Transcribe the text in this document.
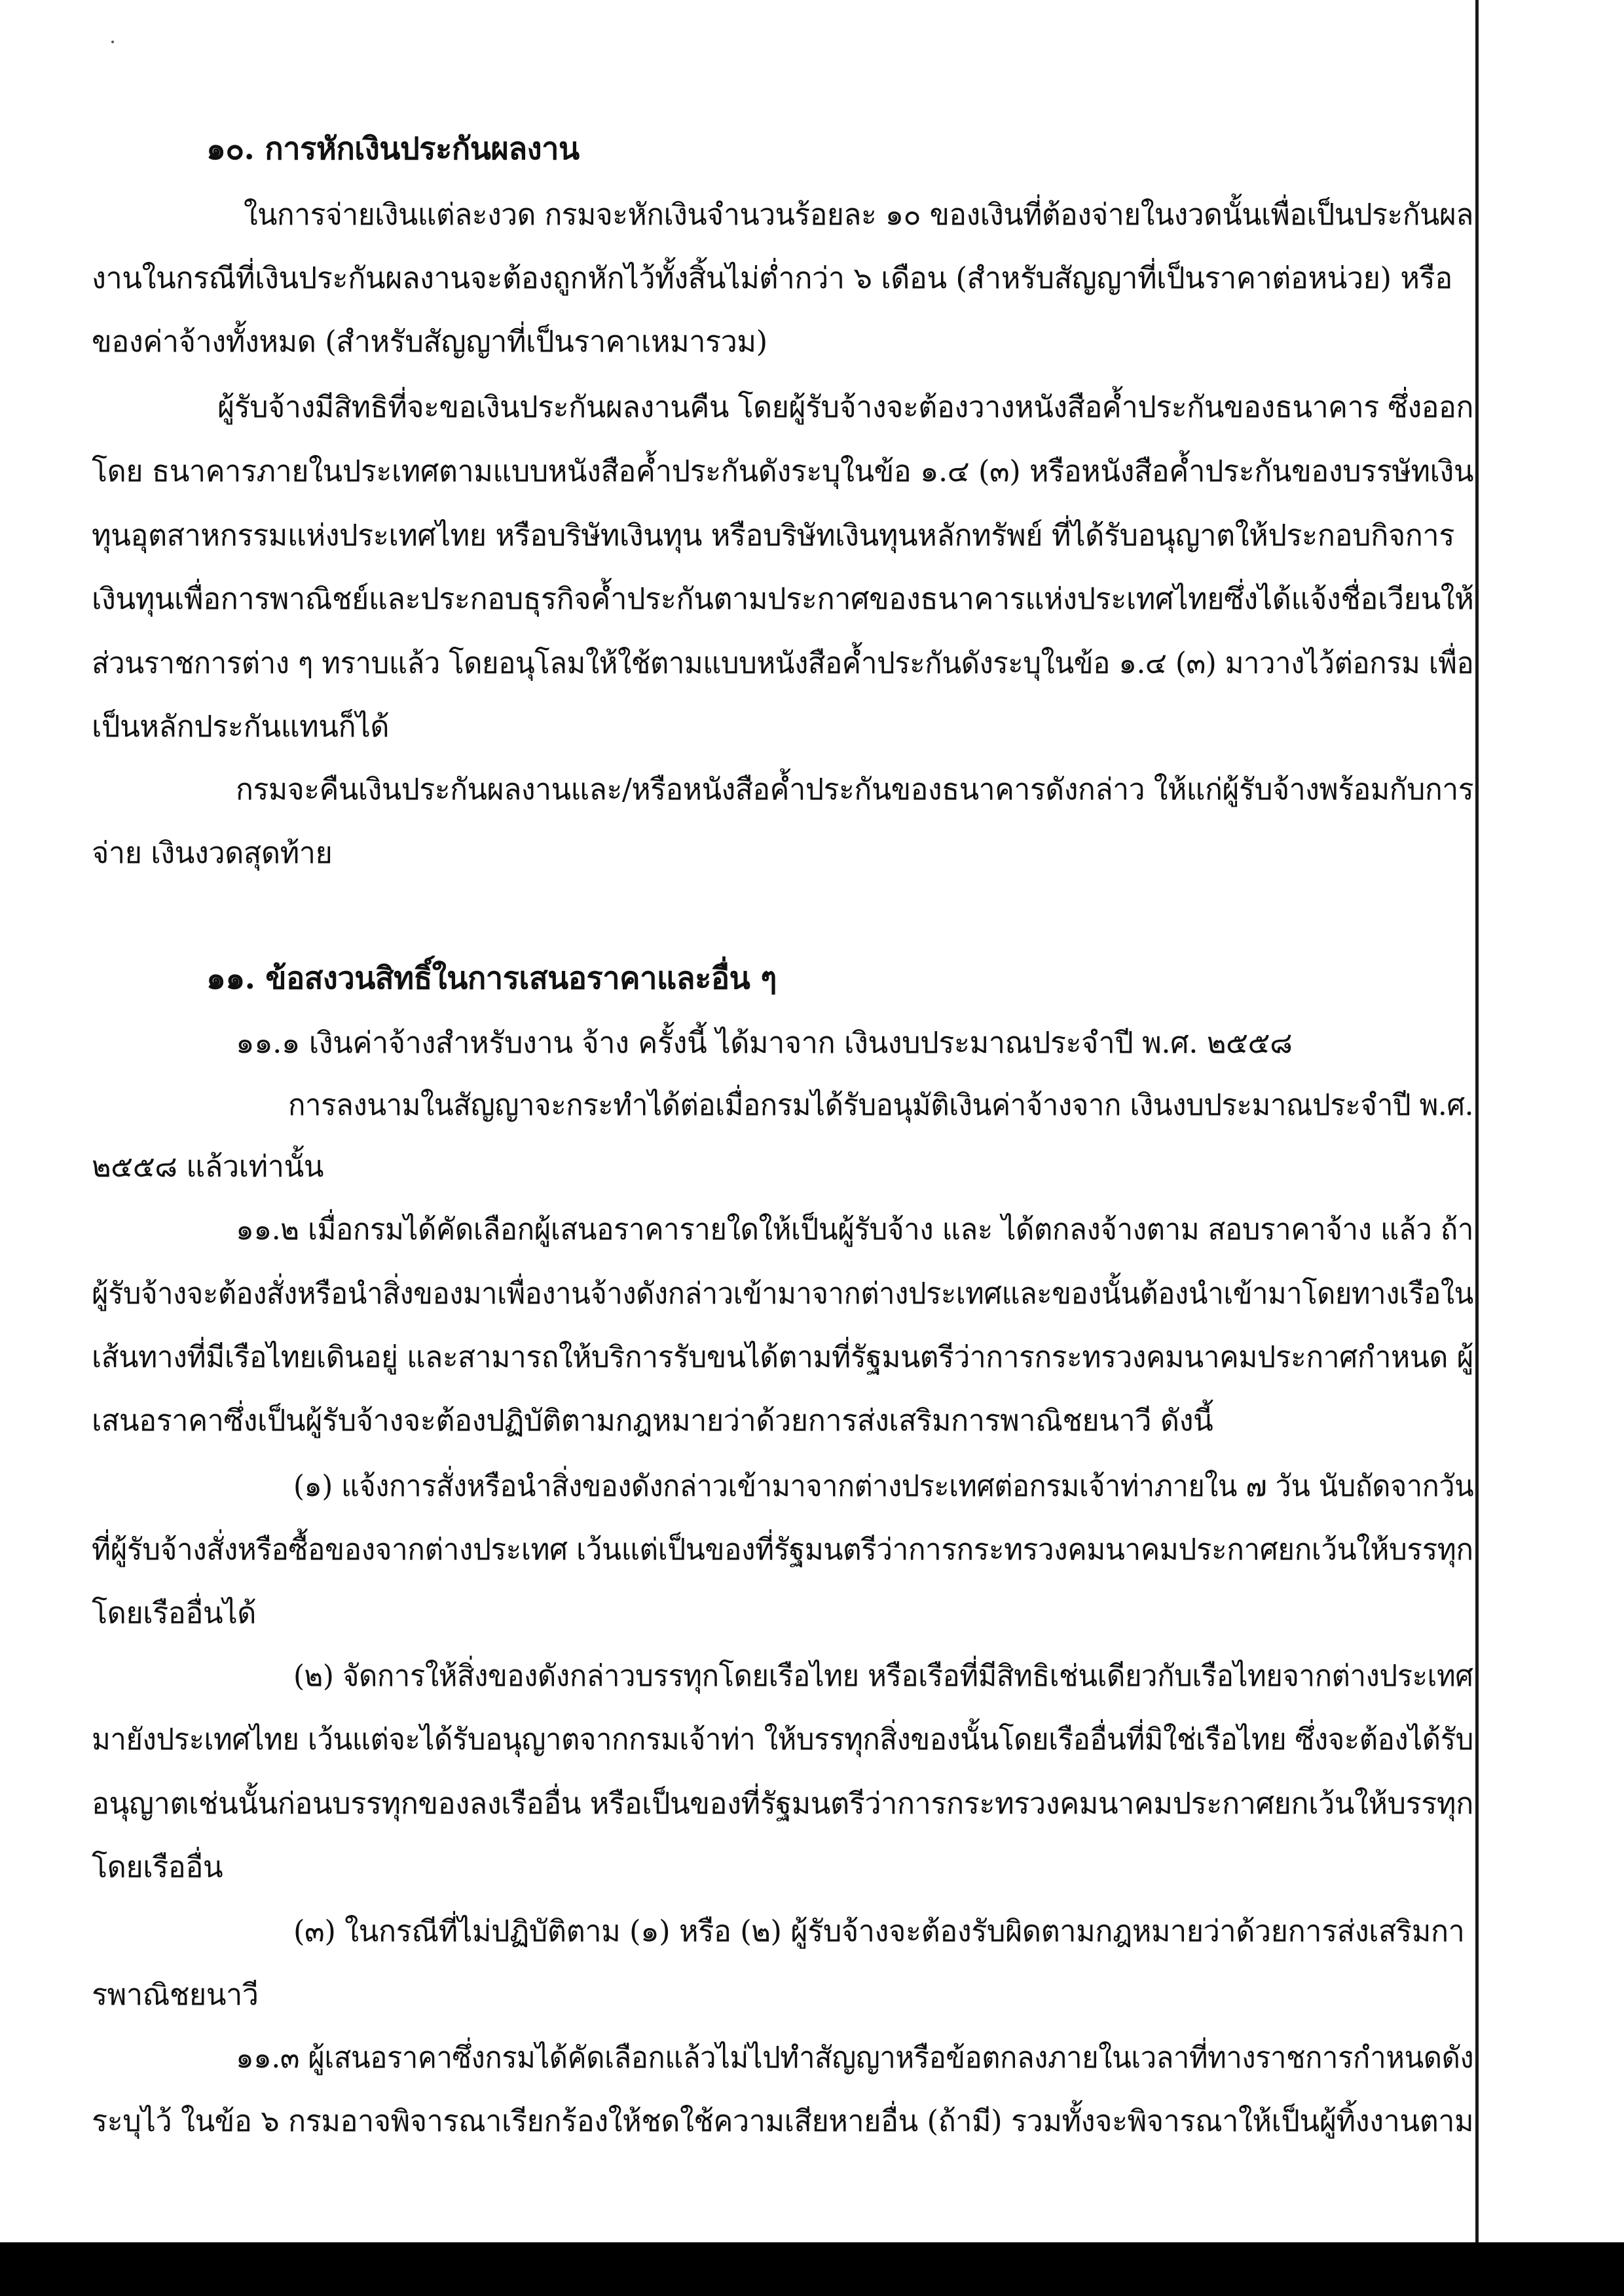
๑๐. การหักเงินประกันผลงาน
ในการจ่ายเงินแต่ละงวด กรมจะหักเงินจำนวนร้อยละ ๑๐ ของเงินที่ต้องจ่ายในงวดนั้นเพื่อเป็นประกันผล
งานในกรณีที่เงินประกันผลงานจะต้องถูกหักไว้ทั้งสิ้นไม่ต่ำกว่า ๖ เดือน (สำหรับสัญญาที่เป็นราคาต่อหน่วย) หรือ
ของค่าจ้างทั้งหมด (สำหรับสัญญาที่เป็นราคาเหมารวม)
ผู้รับจ้างมีสิทธิที่จะขอเงินประกันผลงานคืน โดยผู้รับจ้างจะต้องวางหนังสือค้ำประกันของธนาคาร ซึ่งออก
โดย ธนาคารภายในประเทศตามแบบหนังสือค้ำประกันดังระบุในข้อ ๑.๔ (๓) หรือหนังสือค้ำประกันของบรรษัทเงิน
ทุนอุตสาหกรรมแห่งประเทศไทย หรือบริษัทเงินทุน หรือบริษัทเงินทุนหลักทรัพย์ ที่ได้รับอนุญาตให้ประกอบกิจการ
เงินทุนเพื่อการพาณิชย์และประกอบธุรกิจค้ำประกันตามประกาศของธนาคารแห่งประเทศไทยซึ่งได้แจ้งชื่อเวียนให้
ส่วนราชการต่าง ๆ ทราบแล้ว โดยอนุโลมให้ใช้ตามแบบหนังสือค้ำประกันดังระบุในข้อ ๑.๔ (๓) มาวางไว้ต่อกรม เพื่อ
เป็นหลักประกันแทนก็ได้
กรมจะคืนเงินประกันผลงานและ/หรือหนังสือค้ำประกันของธนาคารดังกล่าว ให้แก่ผู้รับจ้างพร้อมกับการ
จ่าย เงินงวดสุดท้าย
๑๑. ข้อสงวนสิทธิ์ในการเสนอราคาและอื่น ๆ
๑๑.๑ เงินค่าจ้างสำหรับงาน จ้าง ครั้งนี้ ได้มาจาก เงินงบประมาณประจำปี พ.ศ. ๒๕๕๘
การลงนามในสัญญาจะกระทำได้ต่อเมื่อกรมได้รับอนุมัติเงินค่าจ้างจาก เงินงบประมาณประจำปี พ.ศ.
๒๕๕๘ แล้วเท่านั้น
๑๑.๒ เมื่อกรมได้คัดเลือกผู้เสนอราคารายใดให้เป็นผู้รับจ้าง และ ได้ตกลงจ้างตาม สอบราคาจ้าง แล้ว ถ้า
ผู้รับจ้างจะต้องสั่งหรือนำสิ่งของมาเพื่องานจ้างดังกล่าวเข้ามาจากต่างประเทศและของนั้นต้องนำเข้ามาโดยทางเรือใน
เส้นทางที่มีเรือไทยเดินอยู่ และสามารถให้บริการรับขนได้ตามที่รัฐมนตรีว่าการกระทรวงคมนาคมประกาศกำหนด ผู้
เสนอราคาซึ่งเป็นผู้รับจ้างจะต้องปฏิบัติตามกฎหมายว่าด้วยการส่งเสริมการพาณิชยนาวี ดังนี้
(๑) แจ้งการสั่งหรือนำสิ่งของดังกล่าวเข้ามาจากต่างประเทศต่อกรมเจ้าท่าภายใน ๗ วัน นับถัดจากวัน
ที่ผู้รับจ้างสั่งหรือซื้อของจากต่างประเทศ เว้นแต่เป็นของที่รัฐมนตรีว่าการกระทรวงคมนาคมประกาศยกเว้นให้บรรทุก
โดยเรืออื่นได้
(๒) จัดการให้สิ่งของดังกล่าวบรรทุกโดยเรือไทย หรือเรือที่มีสิทธิเช่นเดียวกับเรือไทยจากต่างประเทศ
มายังประเทศไทย เว้นแต่จะได้รับอนุญาตจากกรมเจ้าท่า ให้บรรทุกสิ่งของนั้นโดยเรืออื่นที่มิใช่เรือไทย ซึ่งจะต้องได้รับ
อนุญาตเช่นนั้นก่อนบรรทุกของลงเรืออื่น หรือเป็นของที่รัฐมนตรีว่าการกระทรวงคมนาคมประกาศยกเว้นให้บรรทุก
โดยเรืออื่น
(๓) ในกรณีที่ไม่ปฏิบัติตาม (๑) หรือ (๒) ผู้รับจ้างจะต้องรับผิดตามกฎหมายว่าด้วยการส่งเสริมกา
รพาณิชยนาวี
๑๑.๓ ผู้เสนอราคาซึ่งกรมได้คัดเลือกแล้วไม่ไปทำสัญญาหรือข้อตกลงภายในเวลาที่ทางราชการกำหนดดัง
ระบุไว้ ในข้อ ๖ กรมอาจพิจารณาเรียกร้องให้ชดใช้ความเสียหายอื่น (ถ้ามี) รวมทั้งจะพิจารณาให้เป็นผู้ทิ้งงานตาม
